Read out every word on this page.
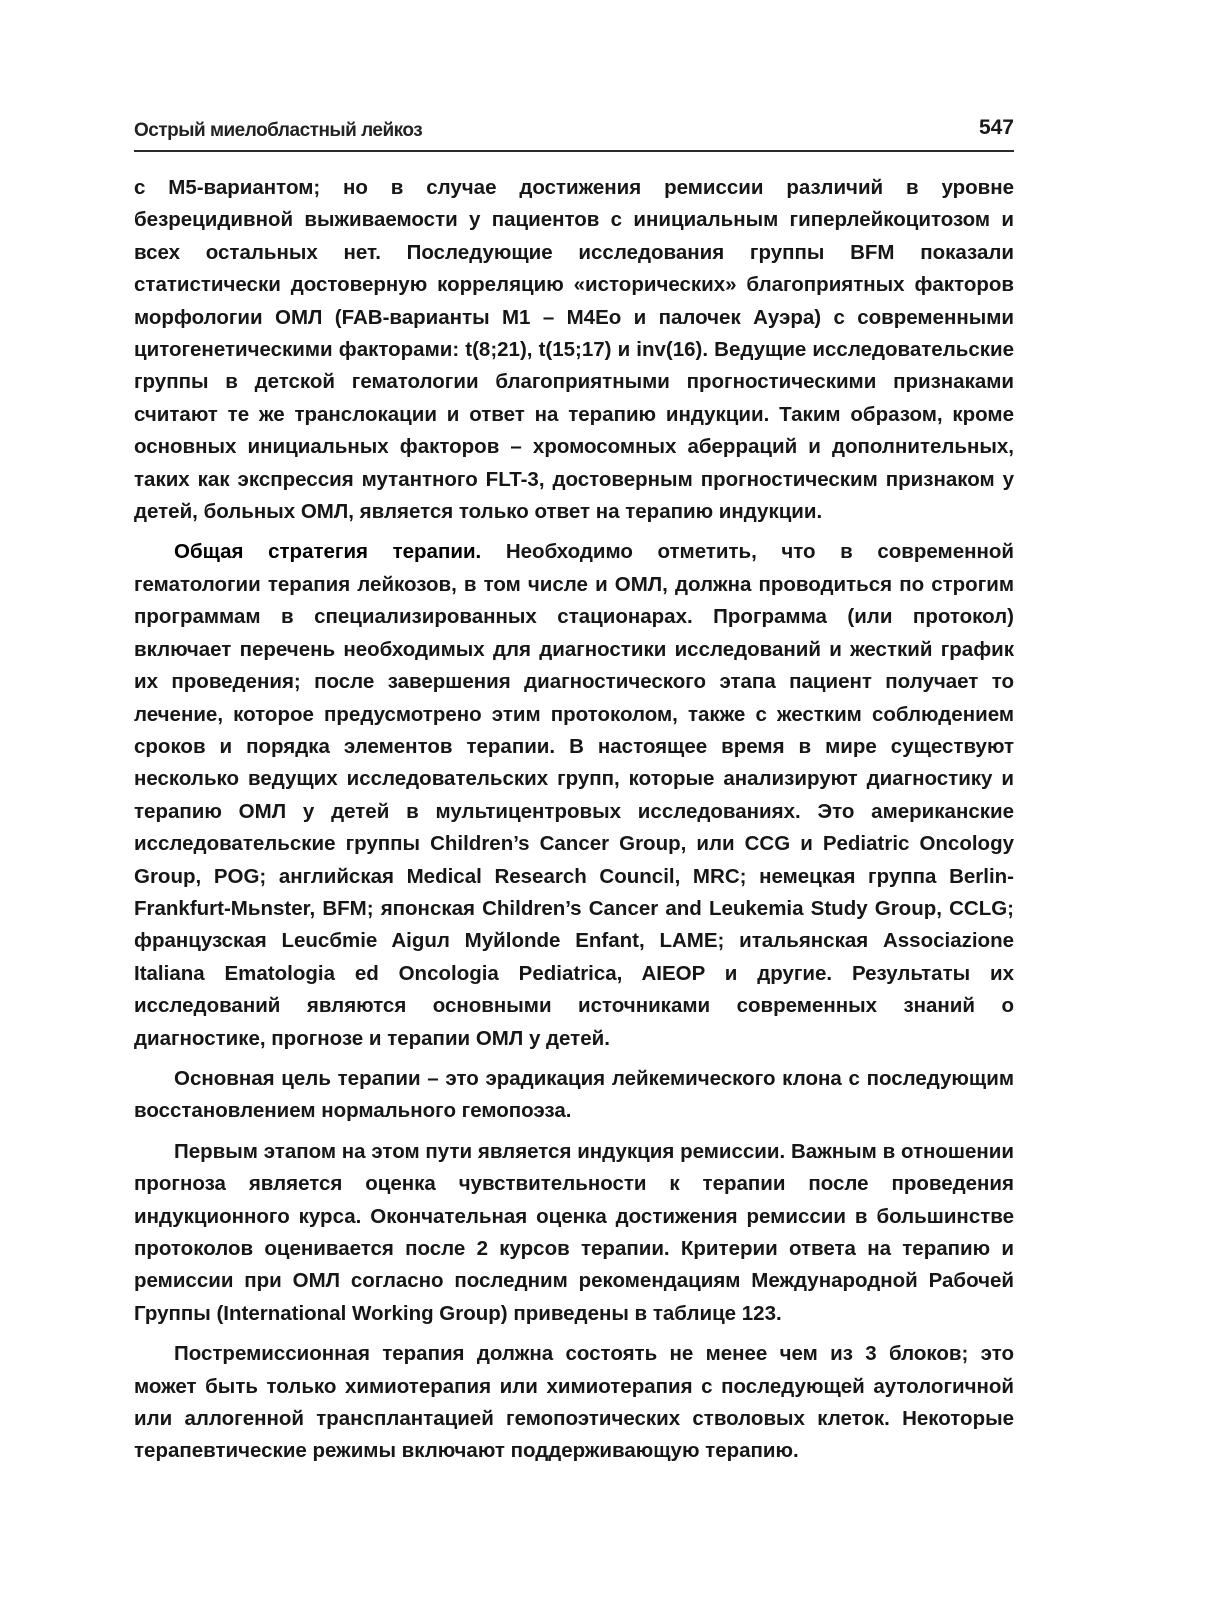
Острый миелобластный лейкоз	547

с M5-вариантом; но в случае достижения ремиссии различий в уровне безрецидивной выживаемости у пациентов с инициальным гиперлейкоцитозом и всех остальных нет. Последующие исследования группы BFM показали статистически достоверную корреляцию «исторических» благоприятных факторов морфологии ОМЛ (FAB-варианты M1 – M4Eo и палочек Ауэра) с современными цитогенетическими факторами: t(8;21), t(15;17) и inv(16). Ведущие исследовательские группы в детской гематологии благоприятными прогностическими признаками считают те же транслокации и ответ на терапию индукции. Таким образом, кроме основных инициальных факторов – хромосомных аберраций и дополнительных, таких как экспрессия мутантного FLT-3, достоверным прогностическим признаком у детей, больных ОМЛ, является только ответ на терапию индукции.

Общая стратегия терапии. Необходимо отметить, что в современной гематологии терапия лейкозов, в том числе и ОМЛ, должна проводиться по строгим программам в специализированных стационарах. Программа (или протокол) включает перечень необходимых для диагностики исследований и жесткий график их проведения; после завершения диагностического этапа пациент получает то лечение, которое предусмотрено этим протоколом, также с жестким соблюдением сроков и порядка элементов терапии. В настоящее время в мире существуют несколько ведущих исследовательских групп, которые анализируют диагностику и терапию ОМЛ у детей в мультицентровых исследованиях. Это американские исследовательские группы Children’s Cancer Group, или CCG и Pediatric Oncology Group, POG; английская Medical Research Council, MRC; немецкая группа Berlin-Frankfurt-Mьnster, BFM; японская Children’s Cancer and Leukemia Study Group, CCLG; французская Leucбmie Aiguл Myйlonde Enfant, LAME; итальянская Associazione Italiana Ematologia ed Oncologia Pediatrica, AIEOP и другие. Результаты их исследований являются основными источниками современных знаний о диагностике, прогнозе и терапии ОМЛ у детей.

Основная цель терапии – это эрадикация лейкемического клона с последующим восстановлением нормального гемопоэза.

Первым этапом на этом пути является индукция ремиссии. Важным в отношении прогноза является оценка чувствительности к терапии после проведения индукционного курса. Окончательная оценка достижения ремиссии в большинстве протоколов оценивается после 2 курсов терапии. Критерии ответа на терапию и ремиссии при ОМЛ согласно последним рекомендациям Международной Рабочей Группы (International Working Group) приведены в таблице 123.

Постремиссионная терапия должна состоять не менее чем из 3 блоков; это может быть только химиотерапия или химиотерапия с последующей аутологичной или аллогенной трансплантацией гемопоэтических стволовых клеток. Некоторые терапевтические режимы включают поддерживающую терапию.
